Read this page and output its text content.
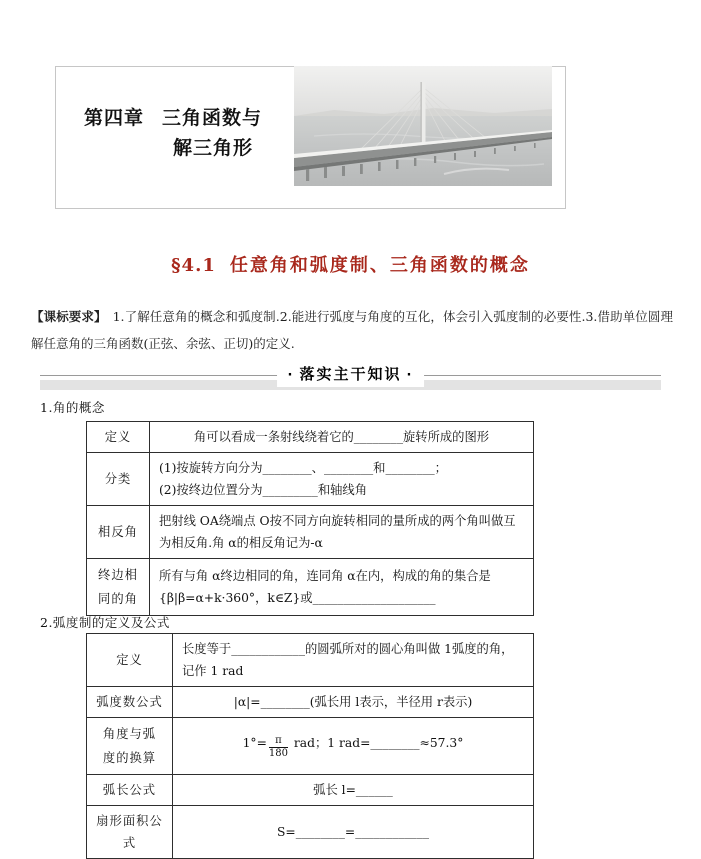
第四章 三角函数与
解三角形
§4.1 任意角和弧度制、三角函数的概念
【课标要求】 1.了解任意角的概念和弧度制.2.能进行弧度与角度的互化，体会引入弧度制的必要性.3.借助单位圆理解任意角的三角函数(正弦、余弦、正切)的定义.
· 落实主干知识 ·
1.角的概念
定义	角可以看成一条射线绕着它的________旋转所成的图形
分类	(1)按旋转方向分为________、________和________；
(2)按终边位置分为_________和轴线角

相反角	把射线 OA绕端点 O按不同方向旋转相同的量所成的两个角叫做互为相反角.角 α的相反角记为-α
终边相同的角	所有与角 α终边相同的角，连同角 α在内，构成的角的集合是
{β|β=α+k·360°，k∈Z}或____________________
2.弧度制的定义及公式
定义	长度等于____________的圆弧所对的圆心角叫做 1弧度的角，记作 1 rad
弧度数公式	|α|=________(弧长用 l表示，半径用 r表示)
角度与弧度的换算	$1^\circ= \frac{\pi}{180}$ rad；1 rad=________≈57.3°
弧长公式	弧长 l=______
扇形面积公式	S=________=____________
